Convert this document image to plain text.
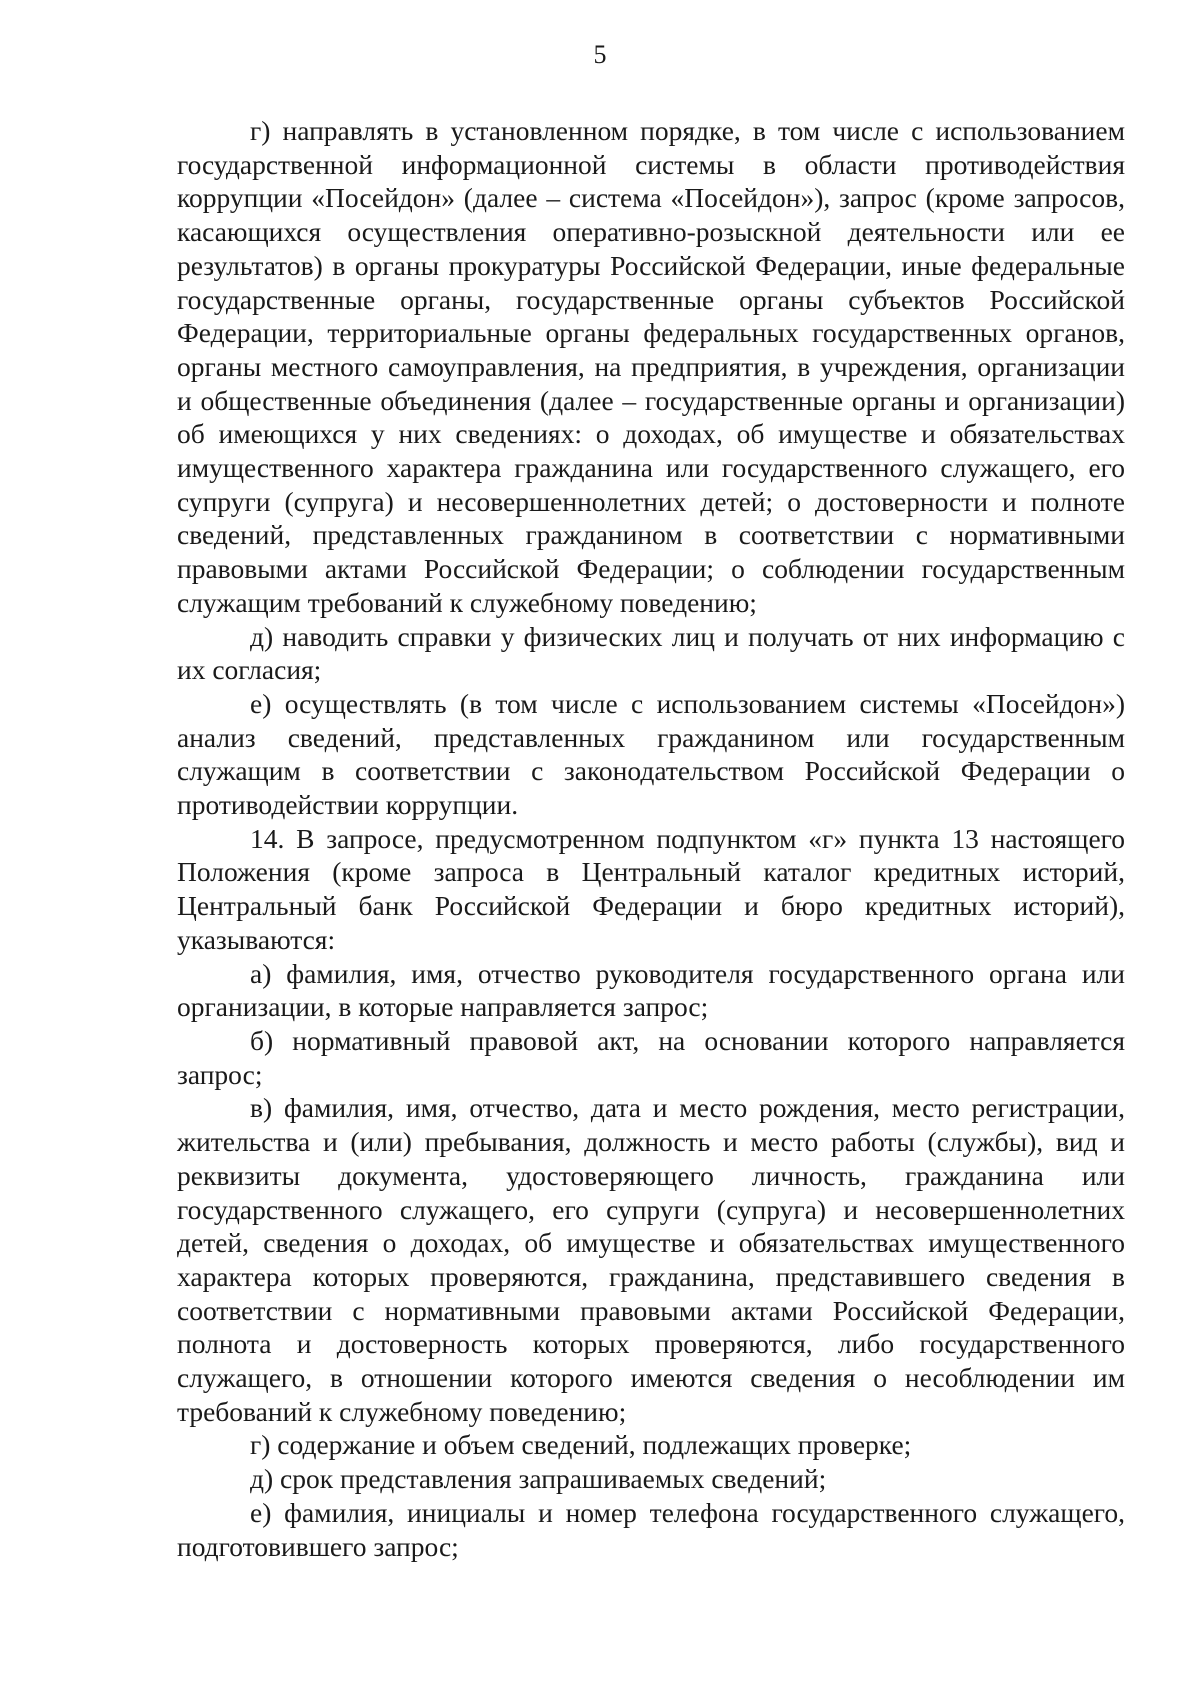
5

г) направлять в установленном порядке, в том числе с использованием государственной информационной системы в области противодействия коррупции «Посейдон» (далее – система «Посейдон»), запрос (кроме запросов, касающихся осуществления оперативно-розыскной деятельности или ее результатов) в органы прокуратуры Российской Федерации, иные федеральные государственные органы, государственные органы субъектов Российской Федерации, территориальные органы федеральных государственных органов, органы местного самоуправления, на предприятия, в учреждения, организации и общественные объединения (далее – государственные органы и организации) об имеющихся у них сведениях: о доходах, об имуществе и обязательствах имущественного характера гражданина или государственного служащего, его супруги (супруга) и несовершеннолетних детей; о достоверности и полноте сведений, представленных гражданином в соответствии с нормативными правовыми актами Российской Федерации; о соблюдении государственным служащим требований к служебному поведению;

д) наводить справки у физических лиц и получать от них информацию с их согласия;

е) осуществлять (в том числе с использованием системы «Посейдон») анализ сведений, представленных гражданином или государственным служащим в соответствии с законодательством Российской Федерации о противодействии коррупции.

14. В запросе, предусмотренном подпунктом «г» пункта 13 настоящего Положения (кроме запроса в Центральный каталог кредитных историй, Центральный банк Российской Федерации и бюро кредитных историй), указываются:

а) фамилия, имя, отчество руководителя государственного органа или организации, в которые направляется запрос;

б) нормативный правовой акт, на основании которого направляется запрос;

в) фамилия, имя, отчество, дата и место рождения, место регистрации, жительства и (или) пребывания, должность и место работы (службы), вид и реквизиты документа, удостоверяющего личность, гражданина или государственного служащего, его супруги (супруга) и несовершеннолетних детей, сведения о доходах, об имуществе и обязательствах имущественного характера которых проверяются, гражданина, представившего сведения в соответствии с нормативными правовыми актами Российской Федерации, полнота и достоверность которых проверяются, либо государственного служащего, в отношении которого имеются сведения о несоблюдении им требований к служебному поведению;

г) содержание и объем сведений, подлежащих проверке;

д) срок представления запрашиваемых сведений;

е) фамилия, инициалы и номер телефона государственного служащего, подготовившего запрос;
